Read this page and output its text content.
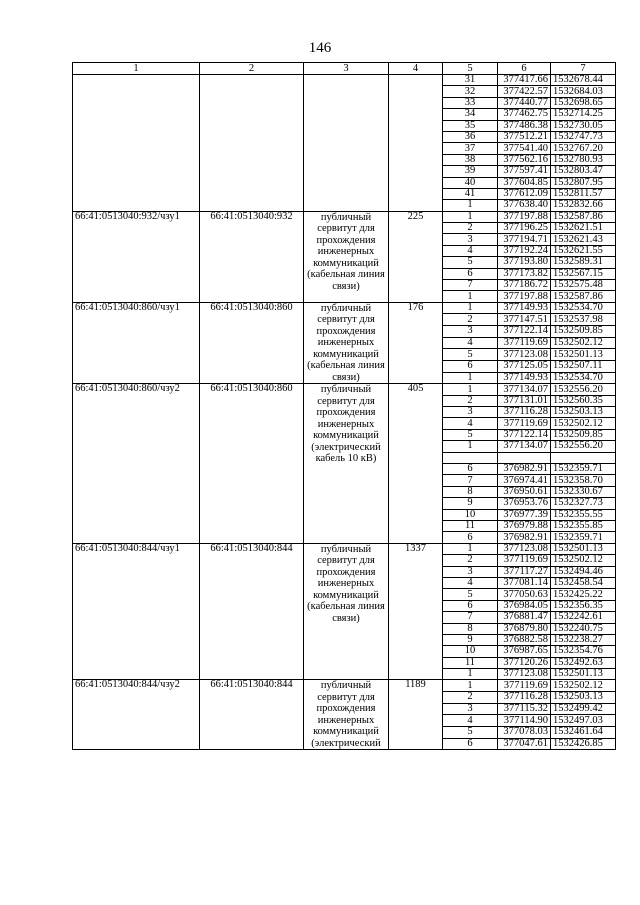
146
1	2	3	4	5	6	7
				31	377417.66	1532678.44
				32	377422.57	1532684.03
				33	377440.77	1532698.65
				34	377462.75	1532714.25
				35	377486.38	1532730.05
				36	377512.21	1532747.73
				37	377541.40	1532767.20
				38	377562.16	1532780.93
				39	377597.41	1532803.47
				40	377604.85	1532807.95
				41	377612.09	1532811.57
				1	377638.40	1532832.66
66:41:0513040:932/чзу1	66:41:0513040:932	публичный сервитут для прохождения инженерных коммуникаций (кабельная линия связи)	225	1	377197.88	1532587.86
				2	377196.25	1532621.51
				3	377194.71	1532621.43
				4	377192.24	1532621.55
				5	377193.80	1532589.31
				6	377173.82	1532567.15
				7	377186.72	1532575.48
				1	377197.88	1532587.86
66:41:0513040:860/чзу1	66:41:0513040:860	публичный сервитут для прохождения инженерных коммуникаций (кабельная линия связи)	176	1	377149.93	1532534.70
				2	377147.51	1532537.98
				3	377122.14	1532509.85
				4	377119.69	1532502.12
				5	377123.08	1532501.13
				6	377125.05	1532507.11
				1	377149.93	1532534.70
66:41:0513040:860/чзу2	66:41:0513040:860	публичный сервитут для прохождения инженерных коммуникаций (электрический кабель 10 кВ)	405	1	377134.07	1532556.20
				2	377131.01	1532560.35
				3	377116.28	1532503.13
				4	377119.69	1532502.12
				5	377122.14	1532509.85
				1	377134.07	1532556.20

				6	376982.91	1532359.71
				7	376974.41	1532358.70
				8	376950.61	1532330.67
				9	376953.76	1532327.73
				10	376977.39	1532355.55
				11	376979.88	1532355.85
				6	376982.91	1532359.71
66:41:0513040:844/чзу1	66:41:0513040:844	публичный сервитут для прохождения инженерных коммуникаций (кабельная линия связи)	1337	1	377123.08	1532501.13
				2	377119.69	1532502.12
				3	377117.27	1532494.46
				4	377081.14	1532458.54
				5	377050.63	1532425.22
				6	376984.05	1532356.35
				7	376881.47	1532242.61
				8	376879.80	1532240.75
				9	376882.58	1532238.27
				10	376987.65	1532354.76
				11	377120.26	1532492.63
				1	377123.08	1532501.13
66:41:0513040:844/чзу2	66:41:0513040:844	публичный сервитут для прохождения инженерных коммуникаций (электрический	1189	1	377119.69	1532502.12
				2	377116.28	1532503.13
				3	377115.32	1532499.42
				4	377114.90	1532497.03
				5	377078.03	1532461.64
				6	377047.61	1532426.85
